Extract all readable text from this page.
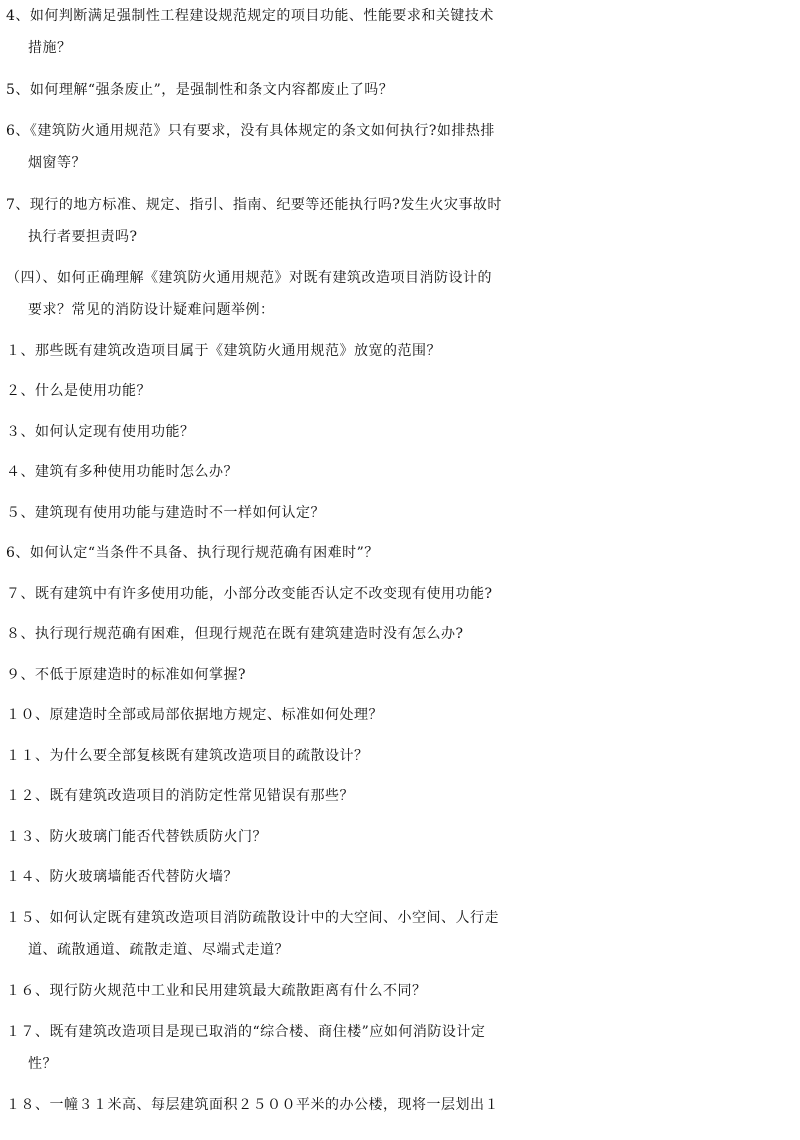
4、如何判断满足强制性工程建设规范规定的项目功能、性能要求和关键技术
措施？
5、如何理解“强条废止”，是强制性和条文内容都废止了吗？
6、《建筑防火通用规范》只有要求，没有具体规定的条文如何执行?如排热排
烟窗等？
7、现行的地方标准、规定、指引、指南、纪要等还能执行吗?发生火灾事故时
执行者要担责吗?
（四）、如何正确理解《建筑防火通用规范》对既有建筑改造项目消防设计的
要求？常见的消防设计疑难问题举例：
１、那些既有建筑改造项目属于《建筑防火通用规范》放宽的范围？
２、什么是使用功能？
３、如何认定现有使用功能？
４、建筑有多种使用功能时怎么办？
５、建筑现有使用功能与建造时不一样如何认定？
6、如何认定“当条件不具备、执行现行规范确有困难时”？
７、既有建筑中有许多使用功能，小部分改变能否认定不改变现有使用功能?
８、执行现行规范确有困难，但现行规范在既有建筑建造时没有怎么办?
９、不低于原建造时的标准如何掌握?
１０、原建造时全部或局部依据地方规定、标准如何处理？
１１、为什么要全部复核既有建筑改造项目的疏散设计？
１２、既有建筑改造项目的消防定性常见错误有那些？
１３、防火玻璃门能否代替铁质防火门？
１４、防火玻璃墙能否代替防火墙？
１５、如何认定既有建筑改造项目消防疏散设计中的大空间、小空间、人行走
道、疏散通道、疏散走道、尽端式走道？
１６、现行防火规范中工业和民用建筑最大疏散距离有什么不同？
１７、既有建筑改造项目是现已取消的“综合楼、商住楼”应如何消防设计定
性？
１８、一幢３１米高、每层建筑面积２５００平米的办公楼，现将一层划出１
